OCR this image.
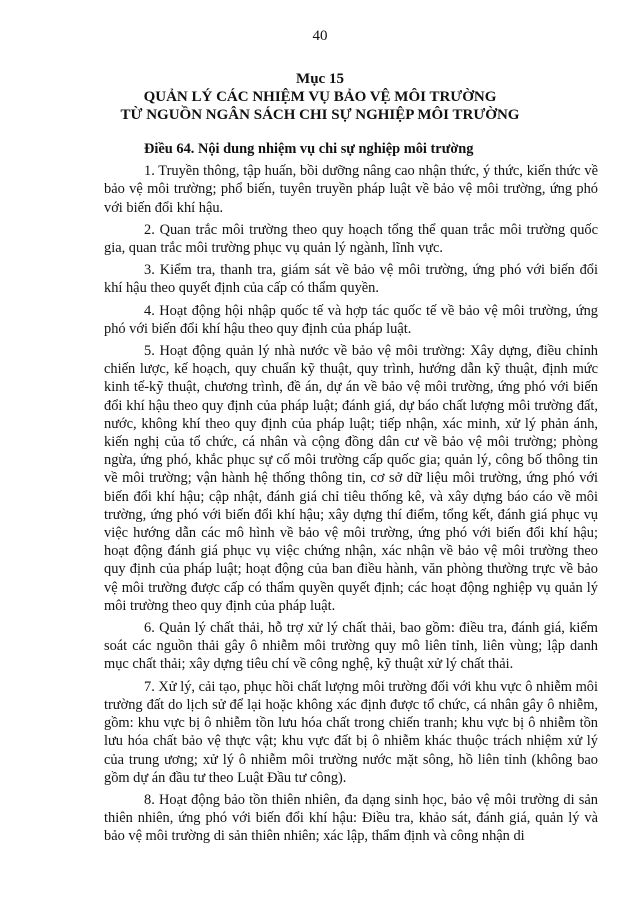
40
Mục 15
QUẢN LÝ CÁC NHIỆM VỤ BẢO VỆ MÔI TRƯỜNG
TỪ NGUỒN NGÂN SÁCH CHI SỰ NGHIỆP MÔI TRƯỜNG

Điều 64. Nội dung nhiệm vụ chi sự nghiệp môi trường

1. Truyền thông, tập huấn, bồi dưỡng nâng cao nhận thức, ý thức, kiến thức về bảo vệ môi trường; phổ biến, tuyên truyền pháp luật về bảo vệ môi trường, ứng phó với biến đổi khí hậu.

2. Quan trắc môi trường theo quy hoạch tổng thể quan trắc môi trường quốc gia, quan trắc môi trường phục vụ quản lý ngành, lĩnh vực.

3. Kiểm tra, thanh tra, giám sát về bảo vệ môi trường, ứng phó với biến đổi khí hậu theo quyết định của cấp có thẩm quyền.

4. Hoạt động hội nhập quốc tế và hợp tác quốc tế về bảo vệ môi trường, ứng phó với biến đổi khí hậu theo quy định của pháp luật.

5. Hoạt động quản lý nhà nước về bảo vệ môi trường: Xây dựng, điều chỉnh chiến lược, kế hoạch, quy chuẩn kỹ thuật, quy trình, hướng dẫn kỹ thuật, định mức kinh tế-kỹ thuật, chương trình, đề án, dự án về bảo vệ môi trường, ứng phó với biến đổi khí hậu theo quy định của pháp luật; đánh giá, dự báo chất lượng môi trường đất, nước, không khí theo quy định của pháp luật; tiếp nhận, xác minh, xử lý phản ánh, kiến nghị của tổ chức, cá nhân và cộng đồng dân cư về bảo vệ môi trường; phòng ngừa, ứng phó, khắc phục sự cố môi trường cấp quốc gia; quản lý, công bố thông tin về môi trường; vận hành hệ thống thông tin, cơ sở dữ liệu môi trường, ứng phó với biến đổi khí hậu; cập nhật, đánh giá chỉ tiêu thống kê, và xây dựng báo cáo về môi trường, ứng phó với biến đổi khí hậu; xây dựng thí điểm, tổng kết, đánh giá phục vụ việc hướng dẫn các mô hình về bảo vệ môi trường, ứng phó với biến đổi khí hậu; hoạt động đánh giá phục vụ việc chứng nhận, xác nhận về bảo vệ môi trường theo quy định của pháp luật; hoạt động của ban điều hành, văn phòng thường trực về bảo vệ môi trường được cấp có thẩm quyền quyết định; các hoạt động nghiệp vụ quản lý môi trường theo quy định của pháp luật.

6. Quản lý chất thải, hỗ trợ xử lý chất thải, bao gồm: điều tra, đánh giá, kiểm soát các nguồn thải gây ô nhiễm môi trường quy mô liên tỉnh, liên vùng; lập danh mục chất thải; xây dựng tiêu chí về công nghệ, kỹ thuật xử lý chất thải.

7. Xử lý, cải tạo, phục hồi chất lượng môi trường đối với khu vực ô nhiễm môi trường đất do lịch sử để lại hoặc không xác định được tổ chức, cá nhân gây ô nhiễm, gồm: khu vực bị ô nhiễm tồn lưu hóa chất trong chiến tranh; khu vực bị ô nhiễm tồn lưu hóa chất bảo vệ thực vật; khu vực đất bị ô nhiễm khác thuộc trách nhiệm xử lý của trung ương; xử lý ô nhiễm môi trường nước mặt sông, hồ liên tỉnh (không bao gồm dự án đầu tư theo Luật Đầu tư công).

8. Hoạt động bảo tồn thiên nhiên, đa dạng sinh học, bảo vệ môi trường di sản thiên nhiên, ứng phó với biến đổi khí hậu: Điều tra, khảo sát, đánh giá, quản lý và bảo vệ môi trường di sản thiên nhiên; xác lập, thẩm định và công nhận di
